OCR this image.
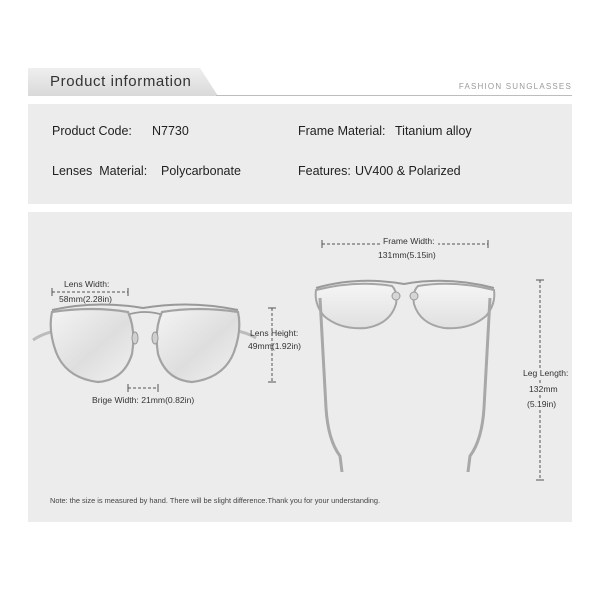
Product information	FASHION SUNGLASSES
Product Code: N7730	Frame Material: Titanium alloy
Lenses  Material: Polycarbonate	Features: UV400 & Polarized
Lens Width:
58mm(2.28in)
Brige Width: 21mm(0.82in)
Lens Height:
49mm(1.92in)
Frame Width:
131mm(5.15in)
Leg Length:
132mm
(5.19in)
Note: the size is measured by hand. There will be slight difference.Thank you for your understanding.
